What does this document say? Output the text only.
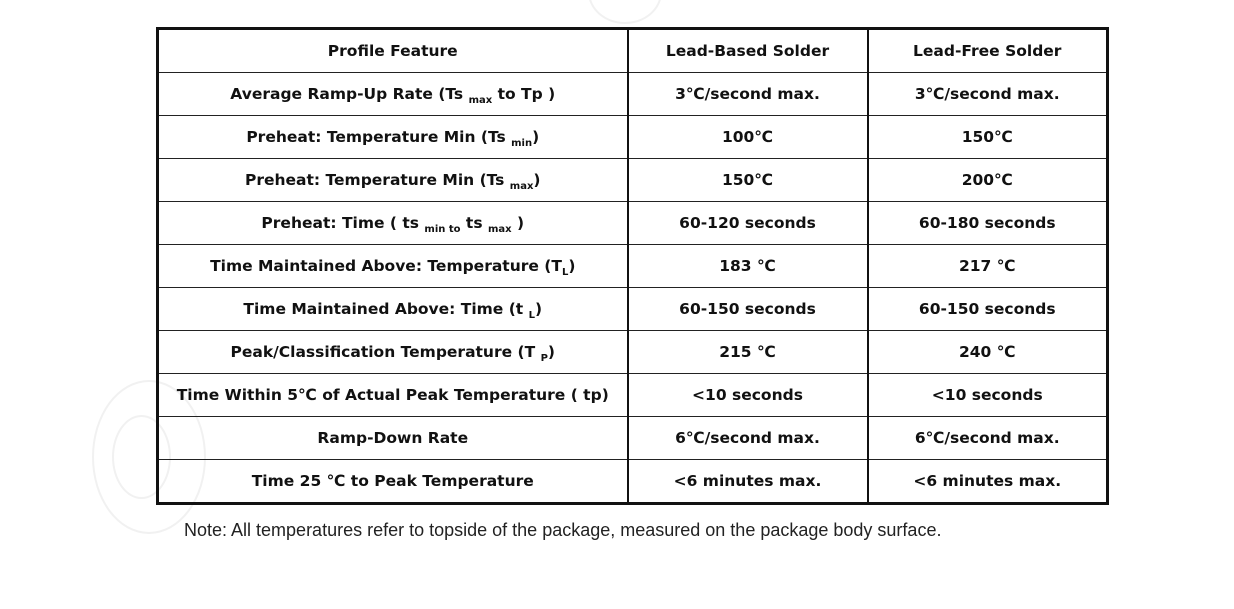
Profile Feature	Lead-Based Solder	Lead-Free Solder
Average Ramp-Up Rate (Ts $_{max}$ to Tp )	3℃/second max.	3℃/second max.
Preheat: Temperature Min (Ts $_{min}$)	100℃	150℃
Preheat: Temperature Min (Ts $_{max}$)	150℃	200℃
Preheat: Time ( ts $_{min to}$ ts $_{max}$ )	60-120 seconds	60-180 seconds
Time Maintained Above: Temperature $(T_L)$	183 ℃	217 ℃
Time Maintained Above: Time (t $_L$)	60-150 seconds	60-150 seconds
Peak/Classification Temperature (T $_P$)	215 ℃	240 ℃
Time Within 5℃ of Actual Peak Temperature ( tp)	<10 seconds	<10 seconds
Ramp-Down Rate	6℃/second max.	6℃/second max.
Time 25 ℃ to Peak Temperature	<6 minutes max.	<6 minutes max.
Note: All temperatures refer to topside of the package, measured on the package body surface.
